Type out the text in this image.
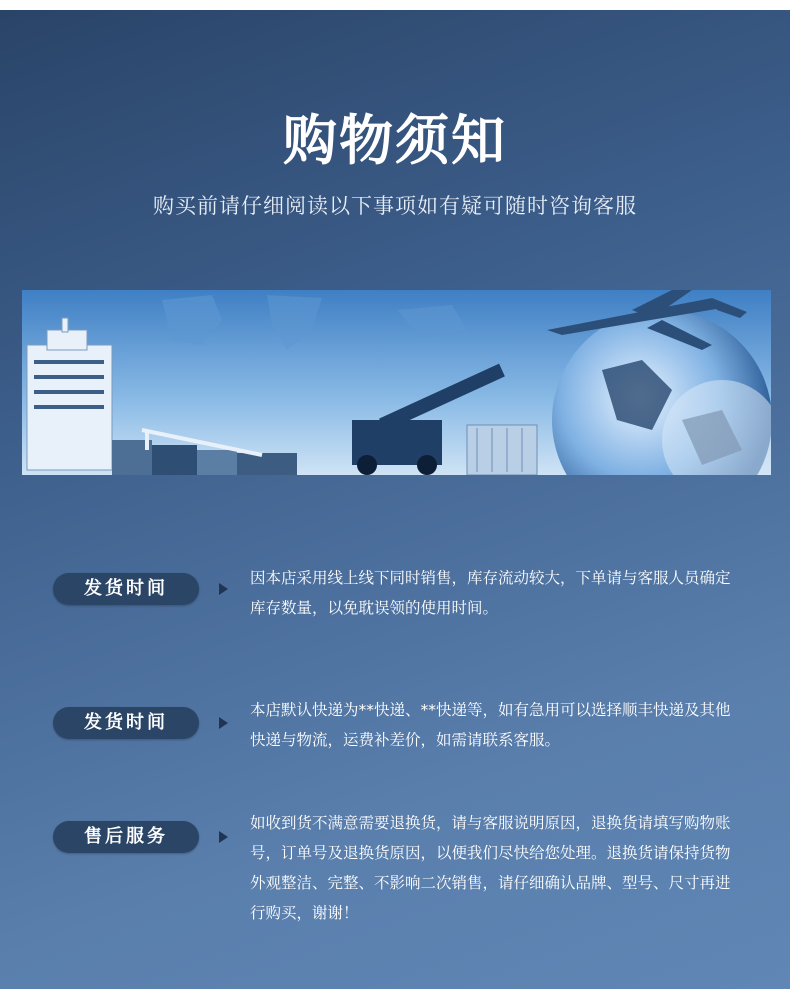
购物须知
购买前请仔细阅读以下事项如有疑可随时咨询客服
发货时间	因本店采用线上线下同时销售，库存流动较大，下单请与客服人员确定库存数量，以免耽误领的使用时间。
发货时间
本店默认快递为**快递、**快递等，如有急用可以选择顺丰快递及其他快递与物流，运费补差价，如需请联系客服。
售后服务
如收到货不满意需要退换货，请与客服说明原因，退换货请填写购物账号，订单号及退换货原因，以便我们尽快给您处理。退换货请保持货物外观整洁、完整、不影响二次销售，请仔细确认品牌、型号、尺寸再进行购买，谢谢！
